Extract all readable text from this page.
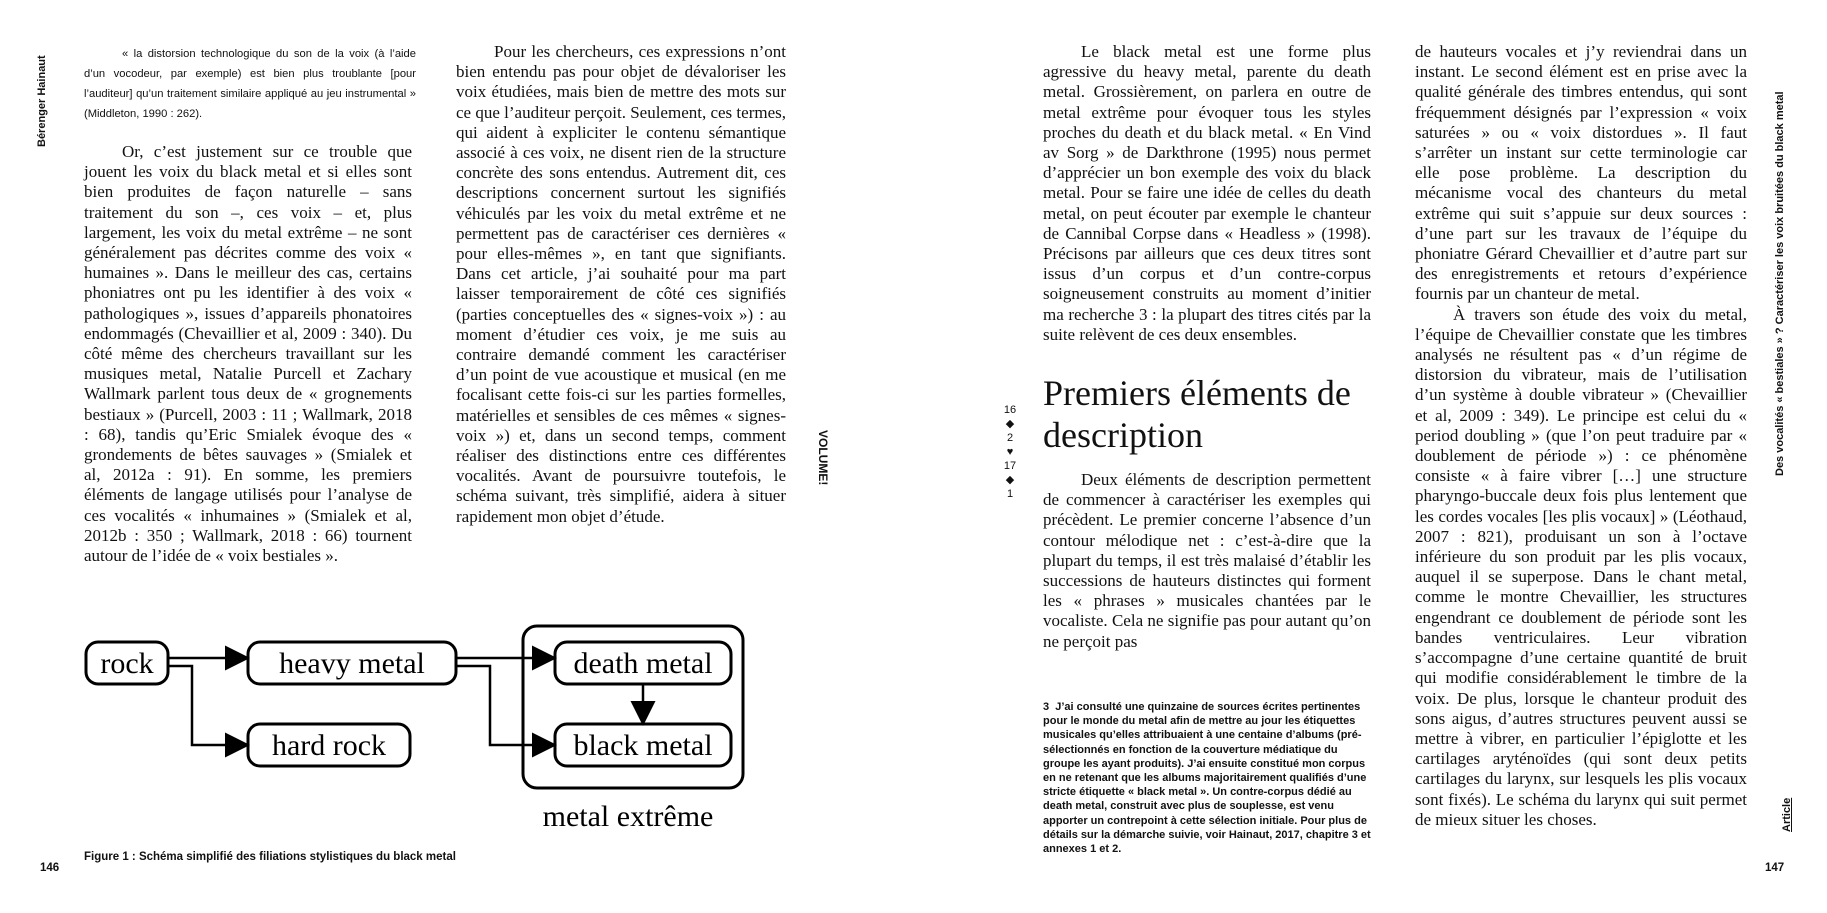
Bérenger Hainaut
« la distorsion technologique du son de la voix (à l’aide d’un vocodeur, par exemple) est bien plus troublante [pour l’auditeur] qu’un traitement similaire appliqué au jeu instrumental » (Middleton, 1990 : 262).

Or, c’est justement sur ce trouble que jouent les voix du black metal et si elles sont bien produites de façon naturelle – sans traitement du son –, ces voix – et, plus largement, les voix du metal extrême – ne sont généralement pas décrites comme des voix « humaines ». Dans le meilleur des cas, certains phoniatres ont pu les identifier à des voix « pathologiques », issues d’appareils phonatoires endommagés (Chevaillier et al, 2009 : 340). Du côté même des chercheurs travaillant sur les musiques metal, Natalie Purcell et Zachary Wallmark parlent tous deux de « grognements bestiaux » (Purcell, 2003 : 11 ; Wallmark, 2018 : 68), tandis qu’Eric Smialek évoque des « grondements de bêtes sauvages » (Smialek et al, 2012a : 91). En somme, les premiers éléments de langage utilisés pour l’analyse de ces vocalités « inhumaines » (Smialek et al, 2012b : 350 ; Wallmark, 2018 : 66) tournent autour de l’idée de « voix bestiales ».

Pour les chercheurs, ces expressions n’ont bien entendu pas pour objet de dévaloriser les voix étudiées, mais bien de mettre des mots sur ce que l’auditeur perçoit. Seulement, ces termes, qui aident à expliciter le contenu sémantique associé à ces voix, ne disent rien de la structure concrète des sons entendus. Autrement dit, ces descriptions concernent surtout les signifiés véhiculés par les voix du metal extrême et ne permettent pas de caractériser ces dernières « pour elles-mêmes », en tant que signifiants. Dans cet article, j’ai souhaité pour ma part laisser temporairement de côté ces signifiés (parties conceptuelles des « signes-voix ») : au moment d’étudier ces voix, je me suis au contraire demandé comment les caractériser d’un point de vue acoustique et musical (en me focalisant cette fois-ci sur les parties formelles, matérielles et sensibles de ces mêmes « signes-voix ») et, dans un second temps, comment réaliser des distinctions entre ces différentes vocalités. Avant de poursuivre toutefois, le schéma suivant, très simplifié, aidera à situer rapidement mon objet d’étude.

VOLUME!
rock	heavy metal
hard rock
death metal
black metal
metal extrême
Figure 1 : Schéma simplifié des filiations stylistiques du black metal
146
16
◆
2
♥
17
◆
1

Le black metal est une forme plus agressive du heavy metal, parente du death metal. Grossièrement, on parlera en outre de metal extrême pour évoquer tous les styles proches du death et du black metal. « En Vind av Sorg » de Darkthrone (1995) nous permet d’apprécier un bon exemple des voix du black metal. Pour se faire une idée de celles du death metal, on peut écouter par exemple le chanteur de Cannibal Corpse dans « Headless » (1998). Précisons par ailleurs que ces deux titres sont issus d’un corpus et d’un contre-corpus soigneusement construits au moment d’initier ma recherche 3 : la plupart des titres cités par la suite relèvent de ces deux ensembles.

Premiers éléments de description

Deux éléments de description permettent de commencer à caractériser les exemples qui précèdent. Le premier concerne l’absence d’un contour mélodique net : c’est-à-dire que la plupart du temps, il est très malaisé d’établir les successions de hauteurs distinctes qui forment les « phrases » musicales chantées par le vocaliste. Cela ne signifie pas pour autant qu’on ne perçoit pas

3 J’ai consulté une quinzaine de sources écrites pertinentes pour le monde du metal afin de mettre au jour les étiquettes musicales qu’elles attribuaient à une centaine d’albums (pré-sélectionnés en fonction de la couverture médiatique du groupe les ayant produits). J’ai ensuite constitué mon corpus en ne retenant que les albums majoritairement qualifiés d’une stricte étiquette « black metal ». Un contre-corpus dédié au death metal, construit avec plus de souplesse, est venu apporter un contrepoint à cette sélection initiale. Pour plus de détails sur la démarche suivie, voir Hainaut, 2017, chapitre 3 et annexes 1 et 2.

de hauteurs vocales et j’y reviendrai dans un instant. Le second élément est en prise avec la qualité générale des timbres entendus, qui sont fréquemment désignés par l’expression « voix saturées » ou « voix distordues ». Il faut s’arrêter un instant sur cette terminologie car elle pose problème. La description du mécanisme vocal des chanteurs du metal extrême qui suit s’appuie sur deux sources : d’une part sur les travaux de l’équipe du phoniatre Gérard Chevaillier et d’autre part sur des enregistrements et retours d’expérience fournis par un chanteur de metal.

À travers son étude des voix du metal, l’équipe de Chevaillier constate que les timbres analysés ne résultent pas « d’un régime de distorsion du vibrateur, mais de l’utilisation d’un système à double vibrateur » (Chevaillier et al, 2009 : 349). Le principe est celui du « period doubling » (que l’on peut traduire par « doublement de période ») : ce phénomène consiste « à faire vibrer […] une structure pharyngo-buccale deux fois plus lentement que les cordes vocales [les plis vocaux] » (Léothaud, 2007 : 821), produisant un son à l’octave inférieure du son produit par les plis vocaux, auquel il se superpose. Dans le chant metal, comme le montre Chevaillier, les structures engendrant ce doublement de période sont les bandes ventriculaires. Leur vibration s’accompagne d’une certaine quantité de bruit qui modifie considérablement le timbre de la voix. De plus, lorsque le chanteur produit des sons aigus, d’autres structures peuvent aussi se mettre à vibrer, en particulier l’épiglotte et les cartilages aryténoïdes (qui sont deux petits cartilages du larynx, sur lesquels les plis vocaux sont fixés). Le schéma du larynx qui suit permet de mieux situer les choses.

Des vocalités « bestiales » ? Caractériser les voix bruitées du black metal
Article
147
